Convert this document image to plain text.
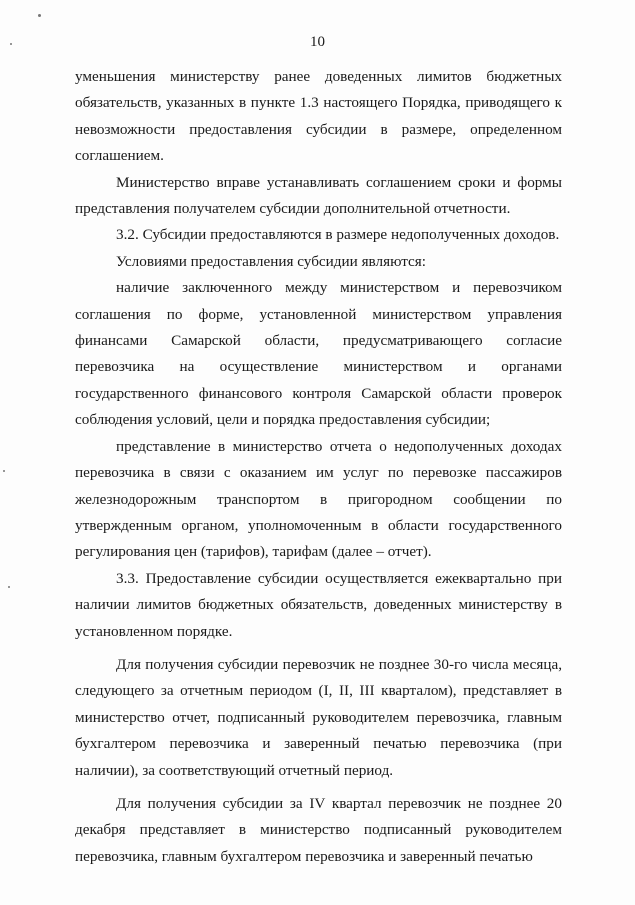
10

уменьшения министерству ранее доведенных лимитов бюджетных обязательств, указанных в пункте 1.3 настоящего Порядка, приводящего к невозможности предоставления субсидии в размере, определенном соглашением.

Министерство вправе устанавливать соглашением сроки и формы представления получателем субсидии дополнительной отчетности.

3.2. Субсидии предоставляются в размере недополученных доходов.

Условиями предоставления субсидии являются:

наличие заключенного между министерством и перевозчиком соглашения по форме, установленной министерством управления финансами Самарской области, предусматривающего согласие перевозчика на осуществление министерством и органами государственного финансового контроля Самарской области проверок соблюдения условий, цели и порядка предоставления субсидии;

представление в министерство отчета о недополученных доходах перевозчика в связи с оказанием им услуг по перевозке пассажиров железнодорожным транспортом в пригородном сообщении по утвержденным органом, уполномоченным в области государственного регулирования цен (тарифов), тарифам (далее – отчет).

3.3. Предоставление субсидии осуществляется ежеквартально при наличии лимитов бюджетных обязательств, доведенных министерству в установленном порядке.

Для получения субсидии перевозчик не позднее 30-го числа месяца, следующего за отчетным периодом (I, II, III кварталом), представляет в министерство отчет, подписанный руководителем перевозчика, главным бухгалтером перевозчика и заверенный печатью перевозчика (при наличии), за соответствующий отчетный период.

Для получения субсидии за IV квартал перевозчик не позднее 20 декабря представляет в министерство подписанный руководителем перевозчика, главным бухгалтером перевозчика и заверенный печатью
